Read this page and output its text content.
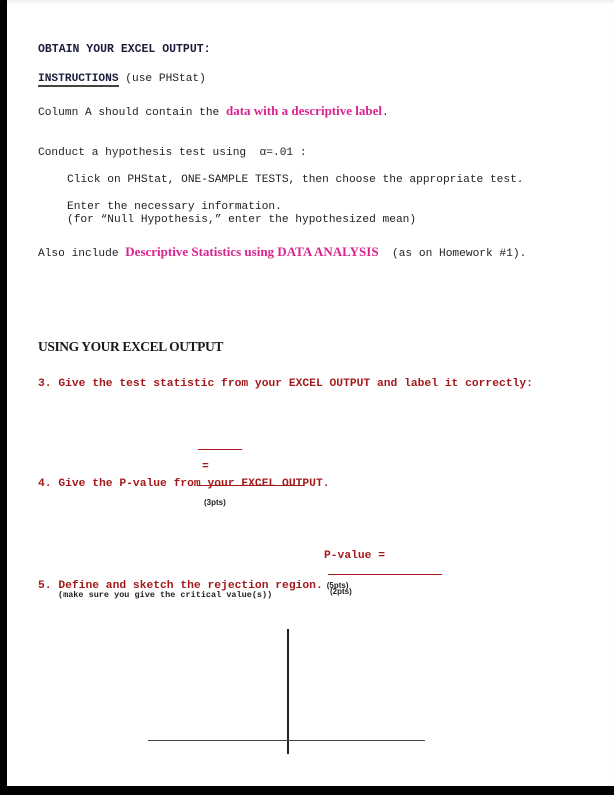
OBTAIN YOUR EXCEL OUTPUT:
INSTRUCTIONS (use PHStat)
Column A should contain the data with a descriptive label.
Conduct a hypothesis test using  α=.01 :
Click on PHStat, ONE-SAMPLE TESTS, then choose the appropriate test.
Enter the necessary information.
(for “Null Hypothesis,” enter the hypothesized mean)
Also include Descriptive Statistics using DATA ANALYSIS  (as on Homework #1).
USING YOUR EXCEL OUTPUT
3. Give the test statistic from your EXCEL OUTPUT and label it correctly:

=

(3pts)

4. Give the P-value from your EXCEL OUTPUT.

P-value =

(2pts)

5. Define and sketch the rejection region. (5pts)
(make sure you give the critical value(s))
